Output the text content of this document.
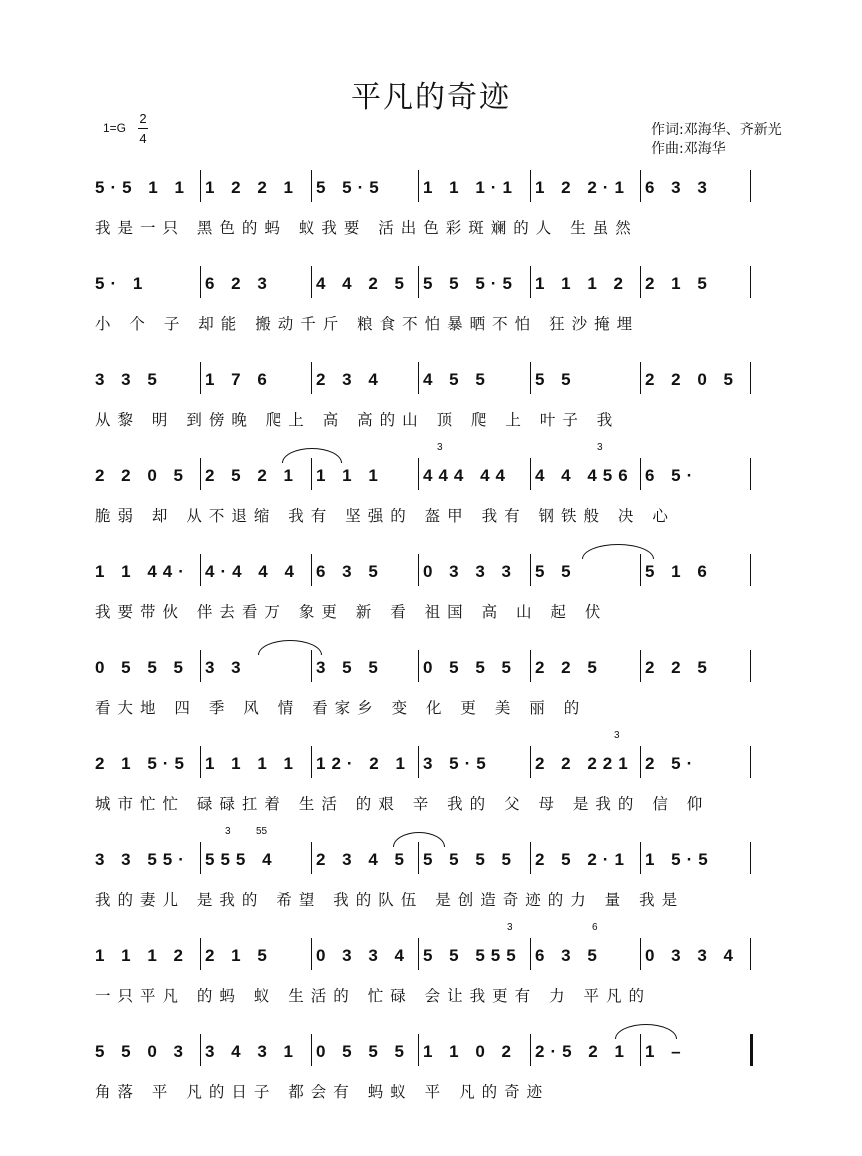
平凡的奇迹
1=G
2
4
作词:邓海华、齐新光
作曲:邓海华
5·5 1 1 1 2 2 1 5 5·5 1 1 1·1 1 2 2·1 6 3 3
我是一只 黑色的蚂 蚁我要 活出色彩斑斓的人 生虽然
5· 1	6 2 3	4 4 2 5 5 5 5·5 1 1 1 2 2 1 5
小 个 子 却能 搬动千斤 粮食不怕暴晒不怕 狂沙掩埋
3 3 5 1 7 6	2 3 4 4 5 5	5 5	2 2 0 5
从黎 明 到傍晚 爬上 高 高的山 顶 爬 上 叶子 我
2 2 0 5 2 5 2 1 1 1 1 444 44 4 4 456 6 5·
脆弱 却 从不退缩 我有 坚强的 盔甲 我有 钢铁般 决 心
3	3
1 1 44· 4·4 4 4 6 3 5 0 3 3 3 5 5	5 1 6
我要带伙 伴去看万 象更 新 看 祖国 高 山 起 伏
0 5 5 5 3 3	3 5 5 0 5 5 5 2 2 5 2 2 5
看大地 四 季 风 情 看家乡 变 化 更 美 丽 的
2 1 5·5 1 1 1 1 12· 2 1 3 5·5	2 2 221 2 5·
城市忙忙 碌碌扛着 生活 的艰 辛 我的 父 母 是我的 信 仰
3
3 3 55· 555 4 2 3 4 5 5 5 5 5 2 5 2·1 1 5·5
我的妻儿 是我的 希望 我的队伍 是创造奇迹的力 量 我是
3	55
1 1 1 2 2 1 5	0 3 3 4 5 5 555 6 3 5 0 3 3 4
一只平凡 的蚂 蚁 生活的 忙碌 会让我更有 力 平凡的
3	6
5 5 0 3 3 4 3 1 0 5 5 5 1 1 0 2 2·5 2 1 1 –
角落 平 凡的日子 都会有 蚂蚁 平 凡的奇迹
